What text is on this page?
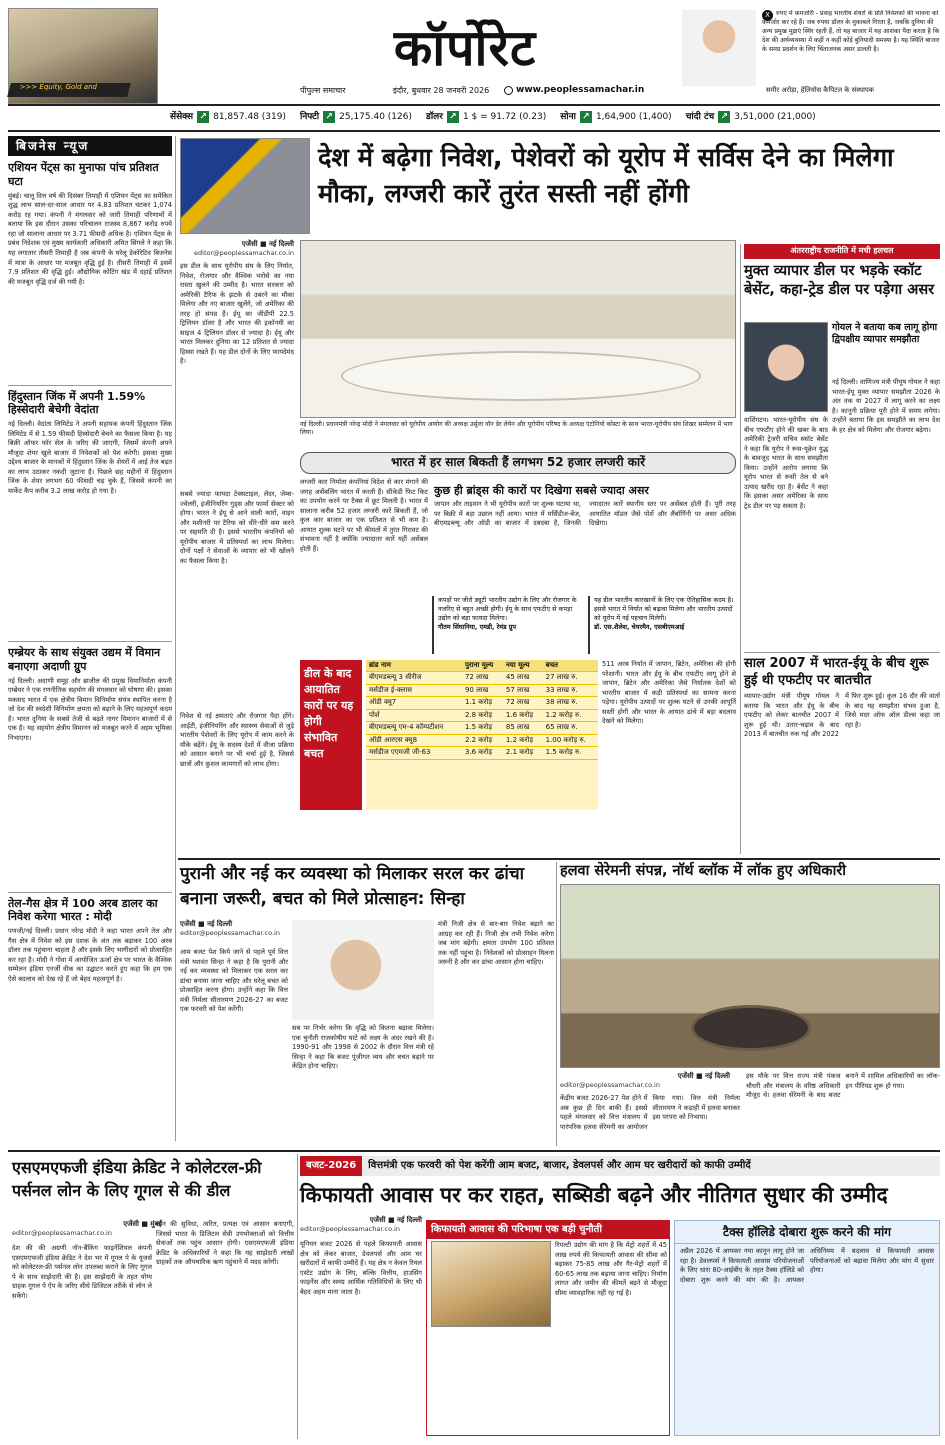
>>> Equity, Gold and
कॉर्पोरेट
पीपुल्स समाचार	इंदौर, बुधवार 28 जनवरी 2026	www.peoplessamachar.in
X रुपए में कमजोरी - प्रवाह भारतीय शेयरों के प्रति निवेशकों की भावना को कमजोर कर रहे हैं। जब रुपया डॉलर के मुकाबले गिरता है, जबकि दुनिया की अन्य प्रमुख मुद्राएं स्थिर रहती हैं, तो यह बाजार में यह आशंका पैदा करता है कि देश की अर्थव्यवस्था में कहीं न कहीं कोई बुनियादी समस्या है। यह स्थिति बाजार के समग्र प्रदर्शन के लिए चिंताजनक असर डालती है।
समीर अरोड़ा, हेलियोस कैपिटल के संस्थापक
सेंसेक्स ↗ 81,857.48 (319) निफ्टी ↗ 25,175.40 (126) डॉलर ↗ 1 $ = 91.72 (0.23) सोना ↗ 1,64,900 (1,400) चांदी टंच ↗ 3,51,000 (21,000)
बिजनेस न्यूज
एशियन पेंट्स का मुनाफा पांच प्रतिशत घटा

मुंबई। चालू वित्त वर्ष की दिसंबर तिमाही में एशियन पेंट्स का समेकित शुद्ध लाभ साल-दर-साल आधार पर 4.83 प्रतिशत घटकर 1,074 करोड़ रह गया। कंपनी ने मंगलवार को जारी तिमाही परिणामों में बताया कि इस दौरान उसका परिचालन राजस्व 8,867 करोड़ रुपये रहा जो सालाना आधार पर 3.71 फीसदी अधिक है। एशियन पेंट्स के प्रबंध निदेशक एवं मुख्य कार्यकारी अधिकारी अमित सिंगले ने कहा कि यह लगातार तीसरी तिमाही है जब कंपनी के घरेलू डेकोरेटिव बिजनेस में मात्रा के आधार पर मजबूत वृद्धि हुई है। तीसरी तिमाही में इसमें 7.9 प्रतिशत की वृद्धि हुई। औद्योगिक कोटिंग खंड में दहाई प्रतिशत की मजबूत वृद्धि दर्ज की गयी है।

हिंदुस्तान जिंक में अपनी 1.59% हिस्सेदारी बेचेगी वेदांता

नई दिल्ली। वेदांता लिमिटेड ने अपनी सहायक कंपनी हिंदुस्तान जिंक लिमिटेड में से 1.59 फीसदी हिस्सेदारी बेचने का फैसला किया है। यह बिक्री ऑफर फॉर सेल के जरिए की जाएगी, जिसमें कंपनी अपने मौजूदा शेयर खुले बाजार में निवेशकों को पेश करेगी। इसका मुख्य उद्देश्य बाजार के मानकों में हिंदुस्तान जिंक के शेयरों में आई तेज बढ़त का लाभ उठाकर नकदी जुटाना है। पिछले छह महीनों में हिंदुस्तान जिंक के शेयर लगभग 60 फीसदी चढ़ चुके हैं, जिससे कंपनी का मार्केट कैप करीब 3.2 लाख करोड़ हो गया है।

एम्ब्रेयर के साथ संयुक्त उद्यम में विमान बनाएगा अदाणी ग्रुप

नई दिल्ली। अदाणी समूह और ब्राजील की प्रमुख विमानिर्माता कंपनी एम्ब्रेयर ने एक रणनीतिक सहयोग की मंगलवार को घोषणा की। इसका मकसद भारत में एक क्षेत्रीय विमान विनिर्माण संयंत्र स्थापित करना है जो देश की स्वदेशी विनिर्माण क्षमता को बढ़ाने के लिए महत्वपूर्ण कदम है। भारत दुनिया के सबसे तेजी से बढ़ते नागर विमानन बाजारों में से एक है। यह सहयोग क्षेत्रीय विमानन को मजबूत करने में अहम भूमिका निभाएगा।

तेल-गैस क्षेत्र में 100 अरब डालर का निवेश करेगा भारत : मोदी

पणजी/नई दिल्ली। प्रधान नरेन्द्र मोदी ने कहा भारत अपने तेल और गैस क्षेत्र में निवेश को इस दशक के अंत तक बढ़ाकर 100 अरब डॉलर तक पहुंचाना चाहता है और इसके लिए भागीदारों को प्रोत्साहित कर रहा है। मोदी ने गोवा में आयोजित ऊर्जा क्षेत्र पर भारत के वैश्विक सम्मेलन इंडिया एनर्जी वीक का उद्घाटन करते हुए कहा कि हम एक ऐसे बदलाव को देख रहे हैं जो बेहद महत्वपूर्ण है।

देश में बढ़ेगा निवेश, पेशेवरों को यूरोप में सर्विस देने का मिलेगा मौका, लग्जरी कारें तुरंत सस्ती नहीं होंगी
एजेंसी ■ नई दिल्ली
editor@peoplessamachar.co.in

इस डील के साथ यूरोपीय संघ के लिए निर्यात, निवेश, रोजगार और वैश्विक भरोसे का नया रास्ता खुलने की उम्मीद है। भारत सरकार को अमेरिकी टैरिफ के झटके से उबरने का मौका मिलेगा और नए बाजार खुलेंगे, जो अमेरिका की तरह हो संपन्न हैं। ईयू का जीडीपी 22.5 ट्रिलियन डॉलर है और भारत की इकॉनमी का साइज 4 ट्रिलियन डॉलर से ज्यादा है। ईयू और भारत मिलकर दुनिया का 12 प्रतिशत से ज्यादा हिस्सा रखते हैं। यह डील दोनों के लिए फायदेमंद है।

सबसे ज्यादा फायदा टेक्सटाइल, लेदर, जेम्स-ज्वेलरी, इंजीनियरिंग गुड्स और फार्मा सेक्टर को होगा। भारत ने ईयू से आने वाली कारों, वाइन और मशीनरी पर टैरिफ को धीरे-धीरे कम करने पर सहमति दी है। इससे भारतीय कंपनियों को यूरोपीय बाजार में प्रतिस्पर्धा का लाभ मिलेगा। दोनों पक्षों ने सेवाओं के व्यापार को भी खोलने का फैसला किया है।

नई दिल्ली। प्रधानमंत्री नरेन्द्र मोदी ने मंगलवार को यूरोपीय आयोग की अध्यक्ष उर्सुला वॉन डेर लेयेन और यूरोपीय परिषद के अध्यक्ष एंटोनियो कोस्टा के साथ भारत-यूरोपीय संघ शिखर सम्मेलन में भाग लिया।

निवेश से नई क्षमताएं और रोजगार पैदा होंगे। आईटी, इंजीनियरिंग और स्वास्थ्य सेवाओं से जुड़े भारतीय पेशेवरों के लिए यूरोप में काम करने के मौके बढ़ेंगे। ईयू के सदस्य देशों में वीजा प्रक्रिया को आसान बनाने पर भी चर्चा हुई है, जिससे छात्रों और कुशल कामगारों को लाभ होगा।

भारत में हर साल बिकती हैं लगभग 52 हजार लग्जरी कारें

लग्जरी कार निर्माता कंपनियां विदेश से कार मंगाने की जगह असेंबलिंग भारत में करती हैं। सीकेडी फिट किट का उपयोग करने पर टैक्स में छूट मिलती है। भारत में सालाना करीब 52 हजार लग्जरी कारें बिकती हैं, जो कुल कार बाजार का एक प्रतिशत से भी कम है। आयात शुल्क घटने पर भी कीमतों में तुरंत गिरावट की संभावना नहीं है क्योंकि ज्यादातर कारें यहीं असेंबल होती हैं।

कुछ ही ब्रांड्स की कारों पर दिखेगा सबसे ज्यादा असर

जापान और ताइवान ने भी यूरोपीय कारों पर शुल्क घटाया था, पर बिक्री में बड़ा उछाल नहीं आया। भारत में मर्सिडीज-बेंज, बीएमडब्ल्यू और ऑडी का बाजार में दबदबा है, जिनकी ज्यादातर कारें स्थानीय स्तर पर असेंबल होती हैं। पूरी तरह आयातित मॉडल जैसे पोर्शे और लैंबॉर्गिनी पर असर अधिक दिखेगा।

कपड़ों पर जीरो ड्यूटी भारतीय उद्योग के लिए और रोजगार के नजरिए से बहुत अच्छी होगी। ईयू के साथ एफटीए से कपड़ा उद्योग को बड़ा फायदा मिलेगा।
गौतम सिंघानिया, एमडी, रेमंड ग्रुप
यह डील भारतीय कारखानों के लिए एक ऐतिहासिक कदम है। इससे भारत में निर्यात को बढ़ावा मिलेगा और भारतीय उत्पादों को यूरोप में नई पहचान मिलेगी।
डॉ. एस.शैलेश, चेयरमैन, एसबीएमआई
डील के बाद आयातित कारों पर यह होगी संभावित बचत
ब्रांड नाम	पुराना मूल्य	नया मूल्य	बचत
बीएमडब्ल्यू 3 सीरीज	72 लाख	45 लाख	27 लाख रु.
मर्सडीज ई-क्लास	90 लाख	57 लाख	33 लाख रु.
ऑडी क्यू7	1.1 करोड़	72 लाख	38 लाख रु.
पोर्श	2.8 करोड़	1.6 करोड़	1.2 करोड़ रु.
बीएमडब्ल्यू एम-4 कॉम्पटीशन	1.5 करोड़	85 लाख	65 लाख रु.
ऑडी आरएस क्यू8	2.2 करोड़	1.2 करोड़	1.00 करोड़ रु.
मर्सडीज एएमजी जी-63	3.6 करोड़	2.1 करोड़	1.5 करोड़ रु.

511 अरब निर्यात में जापान, ब्रिटेन, अमेरिका की होगी परेशानी। भारत और ईयू के बीच एफटीए लागू होने से जापान, ब्रिटेन और अमेरिका जैसे निर्यातक देशों को भारतीय बाजार में कड़ी प्रतिस्पर्धा का सामना करना पड़ेगा। यूरोपीय उत्पादों पर शुल्क घटने से उनकी आपूर्ति सस्ती होगी और भारत के आयात ढांचे में बड़ा बदलाव देखने को मिलेगा।

अंतरराष्ट्रीय राजनीति में मची हलचल
मुक्त व्यापार डील पर भड़के स्कॉट बेसेंट, कहा-ट्रेड डील पर पड़ेगा असर
गोयल ने बताया कब लागू होगा द्विपक्षीय व्यापार समझौता

नई दिल्ली। वाणिज्य मंत्री पीयूष गोयल ने कहा भारत-ईयू मुक्त व्यापार समझौता 2026 के अंत तक या 2027 में लागू करने का लक्ष्य है। कानूनी प्रक्रिया पूरी होने में समय लगेगा। उन्होंने बताया कि इस समझौते का लाभ देश के हर क्षेत्र को मिलेगा और रोजगार बढ़ेगा।

वाशिंगटन। भारत-यूरोपीय संघ के बीच एफटीए होने की खबर के बाद अमेरिकी ट्रेजरी सचिव स्कॉट बेसेंट ने कहा कि यूरोप ने रूस-यूक्रेन युद्ध के बावजूद भारत के साथ समझौता किया। उन्होंने आरोप लगाया कि यूरोप भारत से रूसी तेल से बने उत्पाद खरीद रहा है। बेसेंट ने कहा कि इसका असर अमेरिका के साथ ट्रेड डील पर पड़ सकता है।

साल 2007 में भारत-ईयू के बीच शुरू हुई थी एफटीए पर बातचीत

व्यापार-उद्योग मंत्री पीयूष गोयल ने बताया कि भारत और ईयू के बीच एफटीए को लेकर बातचीत 2007 में शुरू हुई थी। उतार-चढ़ाव के बाद 2013 में बातचीत रुक गई और 2022 में फिर शुरू हुई। कुल 16 दौर की वार्ता के बाद यह समझौता संभव हुआ है, जिसे मदर ऑफ ऑल डील्स कहा जा रहा है।

पुरानी और नई कर व्यवस्था को मिलाकर सरल कर ढांचा बनाना जरूरी, बचत को मिले प्रोत्साहन: सिन्हा
एजेंसी ■ नई दिल्ली
editor@peoplessamachar.co.in

आम बजट पेश किये जाने से पहले पूर्व वित्त मंत्री यशवंत सिन्हा ने कहा है कि पुरानी और नई कर व्यवस्था को मिलाकर एक सरल कर ढांचा बनाया जाना चाहिए और घरेलू बचत को प्रोत्साहित करना होगा। उन्होंने कहा कि वित्त मंत्री निर्मला सीतारमण 2026-27 का बजट एक फरवरी को पेश करेंगी।

सब पर निर्भर करेगा कि वृद्धि को कितना बढ़ावा मिलेगा। एक चुनौती राजकोषीय घाटे को लक्ष्य के अंदर रखने की है। 1990-91 और 1998 से 2002 के दौरान वित्त मंत्री रहे सिन्हा ने कहा कि बजट पूंजीगत व्यय और बचत बढ़ाने पर केंद्रित होना चाहिए।

मंत्री निजी क्षेत्र से बार-बार निवेश बढ़ाने का आग्रह कर रही हैं। निजी क्षेत्र तभी निवेश करेगा जब मांग बढ़ेगी। क्षमता उपयोग 100 प्रतिशत तक नहीं पहुंचा है। निवेशकों को प्रोत्साहन मिलना जरूरी है और कर ढांचा आसान होना चाहिए।

हलवा सेरेमनी संपन्न, नॉर्थ ब्लॉक में लॉक हुए अधिकारी
एजेंसी ■ नई दिल्ली
editor@peoplessamachar.co.in

केंद्रीय बजट 2026-27 पेश होने में अब कुछ ही दिन बाकी हैं। इससे पहले मंगलवार को वित्त मंत्रालय में पारंपरिक हलवा सेरेमनी का आयोजन किया गया। वित्त मंत्री निर्मला सीतारमण ने कड़ाही में हलवा बनाकर इस परंपरा को निभाया।

इस मौके पर वित्त राज्य मंत्री पंकज चौधरी और मंत्रालय के वरिष्ठ अधिकारी मौजूद थे। हलवा सेरेमनी के बाद बजट बनाने में शामिल अधिकारियों का लॉक-इन पीरियड शुरू हो गया।

एसएमएफजी इंडिया क्रेडिट ने कोलेटरल-फ्री पर्सनल लोन के लिए गूगल से की डील
एजेंसी ■ मुंबई
editor@peoplessamachar.co.in

देश की की अग्रणी नॉन-बैंकिंग फाइनेंशियल कंपनी एसएमएफजी इंडिया क्रेडिट ने देश भर में गूगल पे के यूजर्स को कोलेटरल-फ्री पर्सनल लोन उपलब्ध कराने के लिए गूगल पे के साथ साझेदारी की है। इस साझेदारी के तहत योग्य ग्राहक गूगल पे ऐप के जरिए सीधे डिजिटल तरीके से लोन ले सकेंगे।

लोन की सुविधा, त्वरित, प्रत्यक्ष एवं आसान बनाएगी, जिससे भारत के डिजिटल सेवी उपभोक्ताओं को वित्तीय सेवाओं तक पहुंच आसान होगी। एसएमएफजी इंडिया क्रेडिट के अधिकारियों ने कहा कि यह साझेदारी लाखों ग्राहकों तक औपचारिक ऋण पहुंचाने में मदद करेगी।

बजट-2026	वित्तमंत्री एक फरवरी को पेश करेंगी आम बजट, बाजार, डेवलपर्स और आम घर खरीदारों को काफी उम्मीदें
किफायती आवास पर कर राहत, सब्सिडी बढ़ने और नीतिगत सुधार की उम्मीद
एजेंसी ■ नई दिल्ली
editor@peoplessamachar.co.in

यूनियन बजट 2026 से पहले किफायती आवास क्षेत्र को लेकर बाजार, डेवलपर्स और आम घर खरीदारों में काफी उम्मीदें हैं। यह क्षेत्र न केवल रियल एस्टेट उद्योग के लिए, बल्कि वित्तीय, हाउसिंग फाइनेंस और समग्र आर्थिक गतिविधियों के लिए भी बेहद अहम माना जाता है।

किफायती आवास की परिभाषा एक बड़ी चुनौती

रियल्टी उद्योग की मांग है कि मेट्रो शहरों में 45 लाख रुपये की किफायती आवास की सीमा को बढ़ाकर 75-85 लाख और गैर-मेट्रो शहरों में 60-65 लाख तक बढ़ाया जाना चाहिए। निर्माण लागत और जमीन की कीमतें बढ़ने से मौजूदा सीमा व्यावहारिक नहीं रह गई है।

टैक्स हॉलिडे दोबारा शुरू करने की मांग

अप्रैल 2026 में आयकर नया कानून लागू होने जा रहा है। डेवलपर्स ने किफायती आवास परियोजनाओं के लिए धारा 80-आईबीए के तहत टैक्स हॉलिडे को दोबारा शुरू करने की मांग की है। आयकर अधिनियम में बदलाव से किफायती आवास परियोजनाओं को बढ़ावा मिलेगा और मांग में सुधार होगा।
